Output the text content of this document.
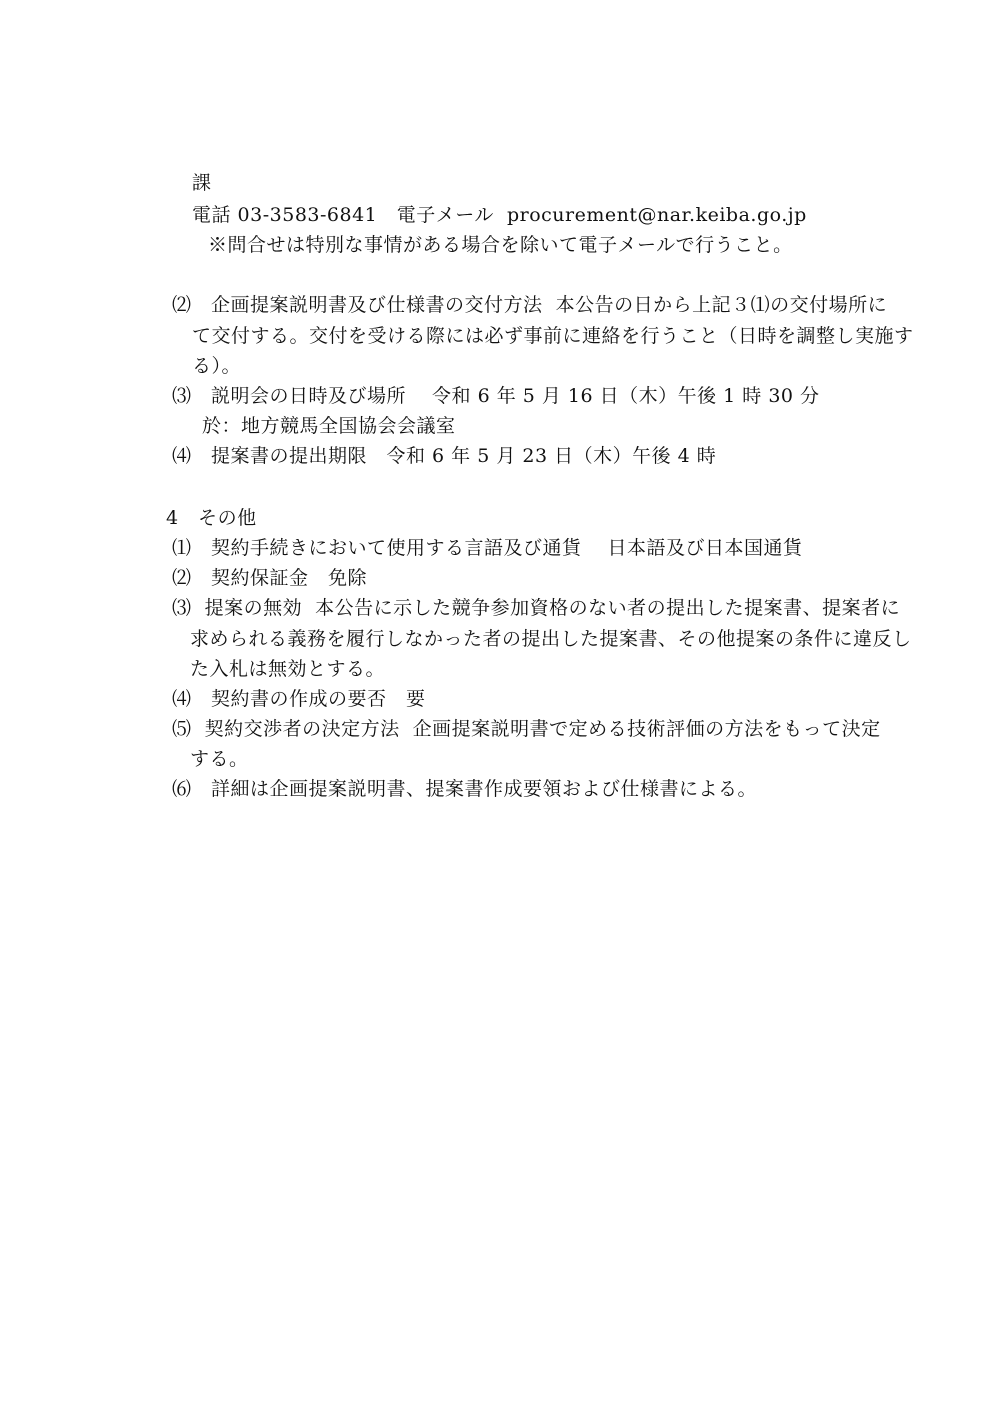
課
電話 03‐3583‐6841　電子メール  procurement@nar.keiba.go.jp
※問合せは特別な事情がある場合を除いて電子メールで行うこと。
⑵　企画提案説明書及び仕様書の交付方法  本公告の日から上記３⑴の交付場所に
て交付する。交付を受ける際には必ず事前に連絡を行うこと（日時を調整し実施す
る）。
⑶　説明会の日時及び場所　 令和 6 年 5 月 16 日（木）午後 1 時 30 分
於：地方競馬全国協会会議室
⑷　提案書の提出期限　令和 6 年 5 月 23 日（木）午後 4 時
4　その他
⑴　契約手続きにおいて使用する言語及び通貨　 日本語及び日本国通貨
⑵　契約保証金　免除
⑶  提案の無効  本公告に示した競争参加資格のない者の提出した提案書、提案者に
求められる義務を履行しなかった者の提出した提案書、その他提案の条件に違反し
た入札は無効とする。
⑷　契約書の作成の要否　要
⑸  契約交渉者の決定方法  企画提案説明書で定める技術評価の方法をもって決定
する。
⑹　詳細は企画提案説明書、提案書作成要領および仕様書による。
